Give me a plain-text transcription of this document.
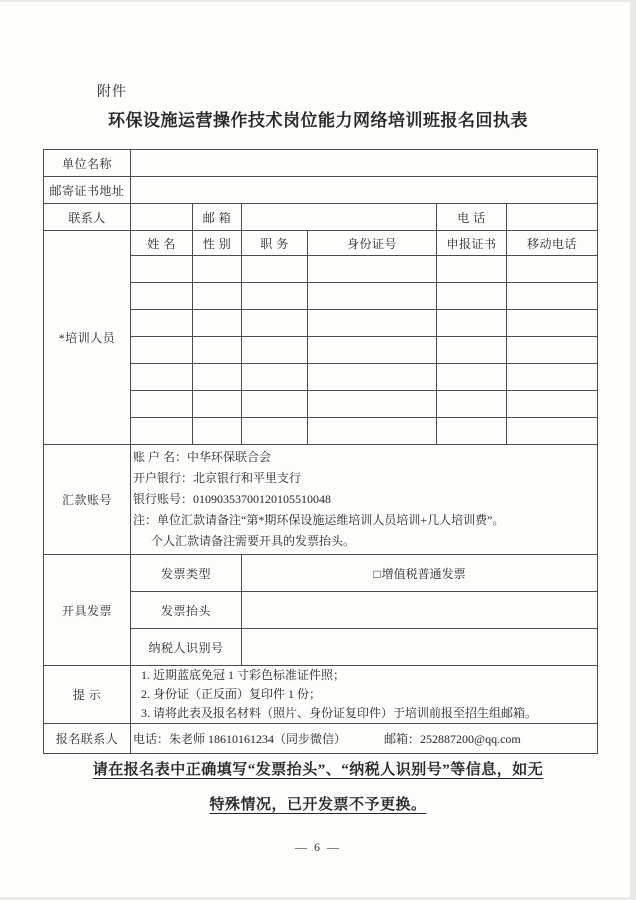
附件
环保设施运营操作技术岗位能力网络培训班报名回执表
单位名称						
邮寄证书地址						
联系人		邮 箱			电 话	
*培训人员	姓 名	性 别	职 务	身份证号	申报证书	移动电话

汇款账号	账 户 名：中华环保联合会
开户银行：北京银行和平里支行
银行账号：01090353700120105510048
注：单位汇款请备注“第*期环保设施运维培训人员培训+几人培训费”。
个人汇款请备注需要开具的发票抬头。					

开具发票	发票类型		□增值税普通发票			
	发票抬头					
	纳税人识别号					
提 示	1. 近期蓝底免冠 1 寸彩色标准证件照；
2. 身份证（正反面）复印件 1 份；
3. 请将此表及报名材料（照片、身份证复印件）于培训前报至招生组邮箱。					

报名联系人	电话：朱老师 18610161234（同步微信） 邮箱：252887200@qq.com					
请在报名表中正确填写“发票抬头”、“纳税人识别号”等信息，如无
特殊情况，已开发票不予更换。
— 6 —
